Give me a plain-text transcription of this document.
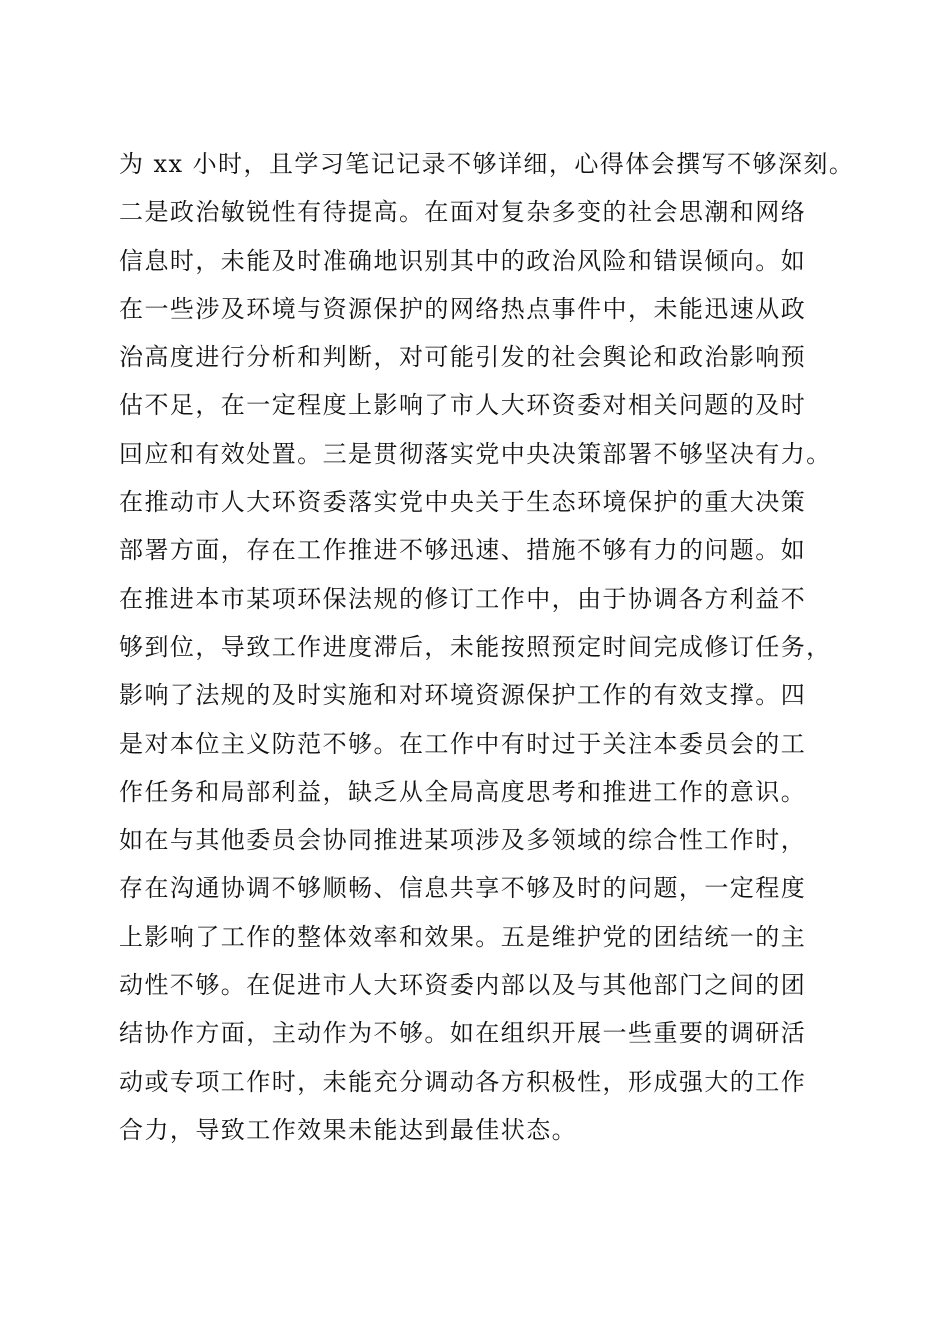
为 xx 小时，且学习笔记记录不够详细，心得体会撰写不够深刻。
二是政治敏锐性有待提高。在面对复杂多变的社会思潮和网络
信息时，未能及时准确地识别其中的政治风险和错误倾向。如
在一些涉及环境与资源保护的网络热点事件中，未能迅速从政
治高度进行分析和判断，对可能引发的社会舆论和政治影响预
估不足，在一定程度上影响了市人大环资委对相关问题的及时
回应和有效处置。三是贯彻落实党中央决策部署不够坚决有力。
在推动市人大环资委落实党中央关于生态环境保护的重大决策
部署方面，存在工作推进不够迅速、措施不够有力的问题。如
在推进本市某项环保法规的修订工作中，由于协调各方利益不
够到位，导致工作进度滞后，未能按照预定时间完成修订任务，
影响了法规的及时实施和对环境资源保护工作的有效支撑。四
是对本位主义防范不够。在工作中有时过于关注本委员会的工
作任务和局部利益，缺乏从全局高度思考和推进工作的意识。
如在与其他委员会协同推进某项涉及多领域的综合性工作时，
存在沟通协调不够顺畅、信息共享不够及时的问题，一定程度
上影响了工作的整体效率和效果。五是维护党的团结统一的主
动性不够。在促进市人大环资委内部以及与其他部门之间的团
结协作方面，主动作为不够。如在组织开展一些重要的调研活
动或专项工作时，未能充分调动各方积极性，形成强大的工作
合力，导致工作效果未能达到最佳状态。
